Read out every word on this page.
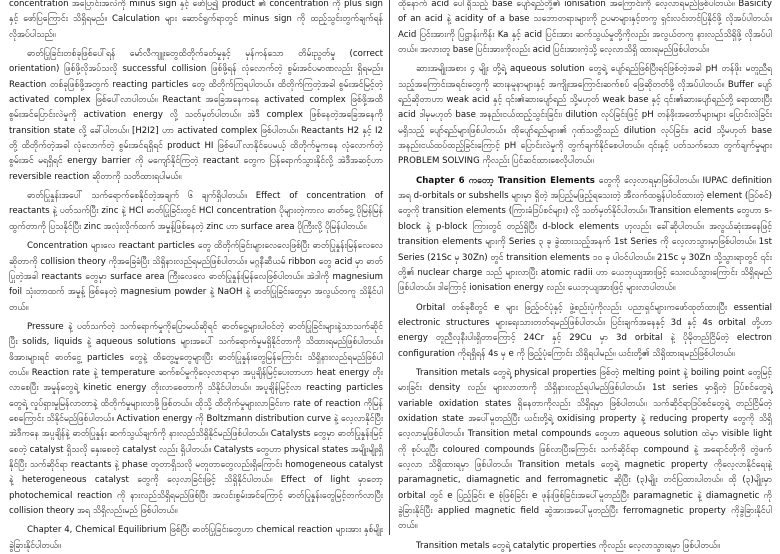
concentration အပြောင်းအလဲကို minus sign နှင့် ဖော်ပြ၍ product ၏ concentration ကို plus sign နှင့် ဖော်ပြကြောင်း သိရှိရမည်။ Calculation များ ဆောင်ရွက်ရာတွင် minus sign ကို ထည့်သွင်းတွက်ချက်ရန် လိုအပ်ပါသည်။

ဓာတ်ပြုခြင်းတစ်ခုဖြစ်ပေါ်ရန် မော်လီကျူးတွေထိတိုက်ခတ်မှုနှင့် မှန်ကန်သော တိမ်းညွတ်မှု (correct orientation) ဖြစ်ဖို့လိုအပ်သလို successful collision ဖြစ်ဖို့ရန် လုံလောက်တဲ့ စွမ်းအင်ပမာဏလည်း ရှိရမည်။ Reaction တစ်ခုဖြစ်ဖို့အတွက် reacting particles တွေ ထိတိုက်ကြရပါတယ်။ ထိတိုက်ကြတဲ့အခါ စွမ်းအင်မြင့်တဲ့ activated complex ဖြစ်ပေါ်လာပါတယ်။ Reactant အခြေအနေကနေ activated complex ဖြစ်ဖို့အထိ စွမ်းအင်ပြောင်းလဲမှုကို activation energy လို့ သတ်မှတ်ပါတယ်။ အဲဒီ complex ဖြစ်နေတဲ့အခြေအနေကို transition state လို့ ခေါ်ပါတယ်။ [H2I2] ဟာ activated complex ဖြစ်ပါတယ်။ Reactants H2 နှင့် I2 တို့ ထိတိုက်တဲ့အခါ လုံလောက်တဲ့ စွမ်းအင်ရရှိရင် product HI ဖြစ်ပေါ်လာနိုင်ပေမယ့် ထိတိုက်မှုကနေ လုံလောက်တဲ့ စွမ်းအင် မရရှိရင် energy barrier ကို မကျော်နိုင်ကြတဲ့ reactant တွေက ပြန်ရောက်သွားနိုင်လို့ အဲဒီအဆင့်ဟာ reversible reaction ဆိုတာကို သတိထားရပါမယ်။

ဓာတ်ပြုနှုန်းအပေါ် သက်ရောက်စေနိုင်တဲ့အချက် ၆ ချက်ရှိပါတယ်။ Effect of concentration of reactants နဲ့ ပတ်သက်ပြီး zinc နဲ့ HCl ဓာတ်ပြုခြင်းတွင် HCl concentration ပိုများတဲ့ကာလ ဓာတ်ငွေ့ ပိုမြန်မြန်ထွက်တာကို ပြသနိုင်ပြီး zinc အလုံးလိုက်ထက် အမှုန့်ဖြစ်နေတဲ့ zinc ဟာ surface area ပိုကြီးလို့ ပိုမြန်ပါတယ်။

Concentration များလေ reactant particles တွေ ထိတိုက်ခြင်းများလေလေဖြစ်ပြီး ဓာတ်ပြုနှုန်းမြန်လေလေ ဆိုတာကို collision theory ကိုအခြေခံပြီး သိရှိနားလည်ရမည်ဖြစ်ပါတယ်။ မဂ္ဂနီဆီယမ် ribbon တွေ acid မှာ ဓာတ်ပြုတဲ့အခါ reactants တွေမှာ surface area ကြီးလေလေ ဓာတ်ပြုနှုန်းမြန်လေဖြစ်ပါတယ်။ အဲဒါကို magnesium foil သုံးတာထက် အမှုန့် ဖြစ်နေတဲ့ magnesium powder နဲ့ NaOH နဲ့ ဓာတ်ပြုခြင်းတွေမှာ အလွယ်တကူ သိနိုင်ပါတယ်။

Pressure နဲ့ ပတ်သက်တဲ့ သက်ရောက်မှုကိုပြောမယ်ဆိုရင် ဓာတ်ငွေ့များပါဝင်တဲ့ ဓာတ်ပြုခြင်းများနဲ့သာသက်ဆိုင်ပြီး solids, liquids နဲ့ aqueous solutions များအပေါ် သက်ရောက်မှုမရှိနိုင်တာကို သိထားရမည်ဖြစ်ပါတယ်။ ဖိအားများရင် ဓာတ်ငွေ့ particles တွေနဲ့ ထိတွေ့မှုတွေများပြီး ဓာတ်ပြုနှုန်းတွေမြန်ကြောင်း သိရှိနားလည်ရမည်ဖြစ်ပါတယ်။ Reaction rate နဲ့ temperature ဆက်စပ်မှုကိုလေ့လာရာမှာ အပူချိန်မြင့်ပေးတာဟာ heat energy တိုးလာစေပြီး အမှုန်တွေရဲ့ kinetic energy တိုးလာစေတာကို သိနိုင်ပါတယ်။ အပူချိန်မြင့်လာ reacting particles တွေရဲ့ လှုပ်ရှားမှုမြန်လာတာနဲ့ ထိတိုက်မှုများလာဖို့ဖြစ်တယ်။ ထိုသို့ ထိတိုက်မှုများလာခြင်းက rate of reaction ကိုမြန်စေကြောင်း သိနိုင်မည်ဖြစ်ပါတယ်။ Activation energy ကို Boltzmann distribution curve နဲ့ လေ့လာနိုင်ပြီး အဲဒီကနေ အပူချိန်နဲ့ ဓာတ်ပြုနှုန်း ဆက်သွယ်ချက်ကို နားလည်သိရှိနိုင်မည်ဖြစ်ပါတယ်။ Catalysts တွေမှာ ဓာတ်ပြုနှုန်းမြင့်စေတဲ့ catalyst ရှိသလို နှေးစေတဲ့ catalyst လည်း ရှိပါတယ်။ Catalysts တွေဟာ physical states အမျိုးမျိုးရှိနိုင်ပြီး သက်ဆိုင်ရာ reactants နဲ့ phase တူတာရှိသလို မတူတာတွေလည်းရှိကြောင်း homogeneous catalyst နဲ့ heterogeneous catalyst တွေကို လေ့လာခြင်းဖြင့် သိရှိနိုင်ပါတယ်။ Effect of light မှာတော့ photochemical reaction ကို နားလည်သိရှိရမည်ဖြစ်ပြီး အလင်းစွမ်းအင်ကြောင့် ဓာတ်ပြုနှုန်းတွေမြင့်တက်လာပြီး collision theory အရ သိရှိလည်းမည် ဖြစ်ပါတယ်။

Chapter 4, Chemical Equilibrium ဖြစ်ပြီး ဓာတ်ပြုခြင်းတွေဟာ chemical reaction များအား နှစ်မျိုး ခွဲခြားနိုင်ပါတယ်။

ထိုနောက် acid ပေါ်ရှိသည့် base ပျော်ရည်တို့၏ ionisation အကြောင်းကို လေ့လာရမည်ဖြစ်ပါတယ်။ Basicity of an acid နဲ့ acidity of a base သဘောတရားများကို ဥပမာများနှင့်တကွ ရှင်းလင်းတင်ပြနိုင်ဖို့ လိုအပ်ပါတယ်။ Acid ပြင်းအားကို ပြဋ္ဌာန်းကိန်း Ka နှင့် acid ပြင်းအား ဆက်သွယ်မှုတို့ကိုလည်း အလွယ်တကူ နားလည်သိရှိဖို့ လိုအပ်ပါတယ်။ အလားတူ base ပြင်းအားကိုလည်း acid ပြင်းအားကဲ့သို့ လေ့လာသိရှိ ထားရမည်ဖြစ်ပါတယ်။

ဆားအမျိုးအစား ၄ မျိုး တို့ရဲ့ aqueous solution တွေရဲ့ ပျော်ရည်ဖြစ်ပြီးရင်ဖြစ်တဲ့အခါ pH တန်ဖိုး မတူညီရသည့်အကြောင်းအရင်းတွေကို ဆားနမူနာများနှင့် အကျိုးအကြောင်းဆက်စပ် ဖြေဆိုတတ်ဖို့ လိုအပ်ပါတယ်။ Buffer ပျော်ရည်ဆိုတာဟာ weak acid နှင့် ၎င်း၏ဆားပျော်ရည် သို့မဟုတ် weak base နှင့် ၎င်း၏ဆားပျော်ရည်တို့ ရောထားပြီး acid ဒါမှမဟုတ် base အနည်းငယ်ထည့်သွင်းခြင်း၊ dilution လုပ်ခြင်းဖြင့် pH တန်ဖိုးအတော်များများ ပြောင်းလဲခြင်း မရှိသည့် ပျော်ရည်များဖြစ်ပါတယ်။ ထိုပျော်ရည်များ၏ ဂုဏ်သတ္တိသည် dilution လုပ်ခြင်း၊ acid သို့မဟုတ် base အနည်းငယ်ထပ်ထည့်ခြင်းကြောင့် pH ပြောင်းလဲမှုကို တွက်ချက်နိုင်စေပါတယ်။ ၎င်းနှင့် ပတ်သက်သော တွက်ချက်မှုများ PROBLEM SOLVING ကိုလည်း ပြင်ဆင်ထားစေလိုပါတယ်။

Chapter 6 ကတော့ Transition Elements တွေကို လေ့လာရမှာဖြစ်ပါတယ်။ IUPAC definition အရ d-orbitals or subshells များမှာ ရှိတဲ့ အပြည့်မဖြည့်ရသေးတဲ့ အီလက်ထရွန်ပါဝင်ထားတဲ့ element (ဒြပ်စင်) တွေကို transition elements (ကြားခံဒြပ်စင်များ) လို့ သတ်မှတ်နိုင်ပါတယ်။ Transition elements တွေဟာ s-block နဲ့ p-block ကြားတွင် တည်ရှိပြီး d-block elements ဟုလည်း ခေါ်ဆိုပါတယ်။ အလွယ်ဆုံးအနေဖြင့် transition elements များကို Series ၃ ခု ခွဲထားသည့်အနက် 1st Series ကို လေ့လာသွားမှာဖြစ်ပါတယ်။ 1st Series (21Sc မှ 30Zn) တွင် transition elements ၁၀ ခု ပါဝင်ပါတယ်။ 21Sc မှ 30Zn သို့သွားရာတွင် ၎င်းတို့၏ nuclear charge သည် များလာပြီး atomic radii ဟာ ယေဘုယျအားဖြင့် သေးငယ်သွားကြောင်း သိရှိရမည်ဖြစ်ပါတယ်။ ဒါကြောင့် ionisation energy လည်း ယေဘုယျအားဖြင့် များလာပါတယ်။

Orbital တစ်ခုစီတွင် e များ ဖြည့်ဝင်ပုံနှင့် ဖွဲ့စည်းပုံကိုလည်း ပညာရှင်များကဖော်ထုတ်ထားပြီး essential electronic structures များရေးသားတတ်ရမည်ဖြစ်ပါတယ်။ ပြင်းချက်အနေနှင့် 3d နှင့် 4s orbital တို့ဟာ energy တူညီလုနီးပါးရှိတာကြောင့် 24Cr နှင့် 29Cu မှာ 3d orbital နဲ့ ပိုမိုတည်ငြိမ်တဲ့ electron configuration ကိုရရှိရန် 4s မှ e ကို ဖြည့်ပုံကြောင်း သိရှိရပါမည်။ ယင်းတို့၏ သိရှိထားရမည်ဖြစ်ပါတယ်။

Transition metals တွေရဲ့ physical properties ဖြစ်တဲ့ melting point နဲ့ boiling point တွေမြင့်မားခြင်း density လည်း များလာတာကို သိရှိနားလည်ရပါမည်ဖြစ်ပါတယ်။ 1st series မှာရှိတဲ့ ဒြပ်စင်တွေရဲ့ variable oxidation states ရှိနေတာကိုလည်း သိရှိရမှာ ဖြစ်ပါတယ်။ သက်ဆိုင်ရာဒြပ်စင်တွေရဲ့ တည်ငြိမ်တဲ့ oxidation state အပေါ်မူတည်ပြီး ယင်းတို့ရဲ့ oxidising property နဲ့ reducing property တွေကို သိရှိလေ့လာမှုဖြစ်ပါတယ်။ Transition metal compounds တွေဟာ aqueous solution ထဲမှာ visible light ကို စုပ်ယူပြီး coloured compounds ဖြစ်လာပြီးကြောင်း သက်ဆိုင်ရာ compound နဲ့ အရောင်တိုကို တွဲဖက်လေ့လာ သိရှိထားရမှာ ဖြစ်ပါတယ်။ Transition metals တွေရဲ့ magnetic property ကိုလေ့လာနိုင်ရေးနဲ့ paramagnetic, diamagnetic and ferromagnetic ဆိုပြီး (၃)မျိုး တင်ပြထားပါတယ်။ ထို (၃)မျိုးမှာ orbital တွင် e ပြည့်ခြင်း e စုံဖြစ်ခြင်း e ဖုန်းဖြစ်ခြင်းအပေါ်မူတည်ပြီး paramagnetic နဲ့ diamagnetic ကို ခွဲခြားနိုင်ပြီး applied magnetic field ဆွဲအားအပေါ်မူတည်ပြီး ferromagnetic property ကိုခွဲခြားနိုင်ပါတယ်။

Transition metals တွေရဲ့ catalytic properties ကိုလည်း လေ့လာသွားရမှာ ဖြစ်ပါတယ်။
